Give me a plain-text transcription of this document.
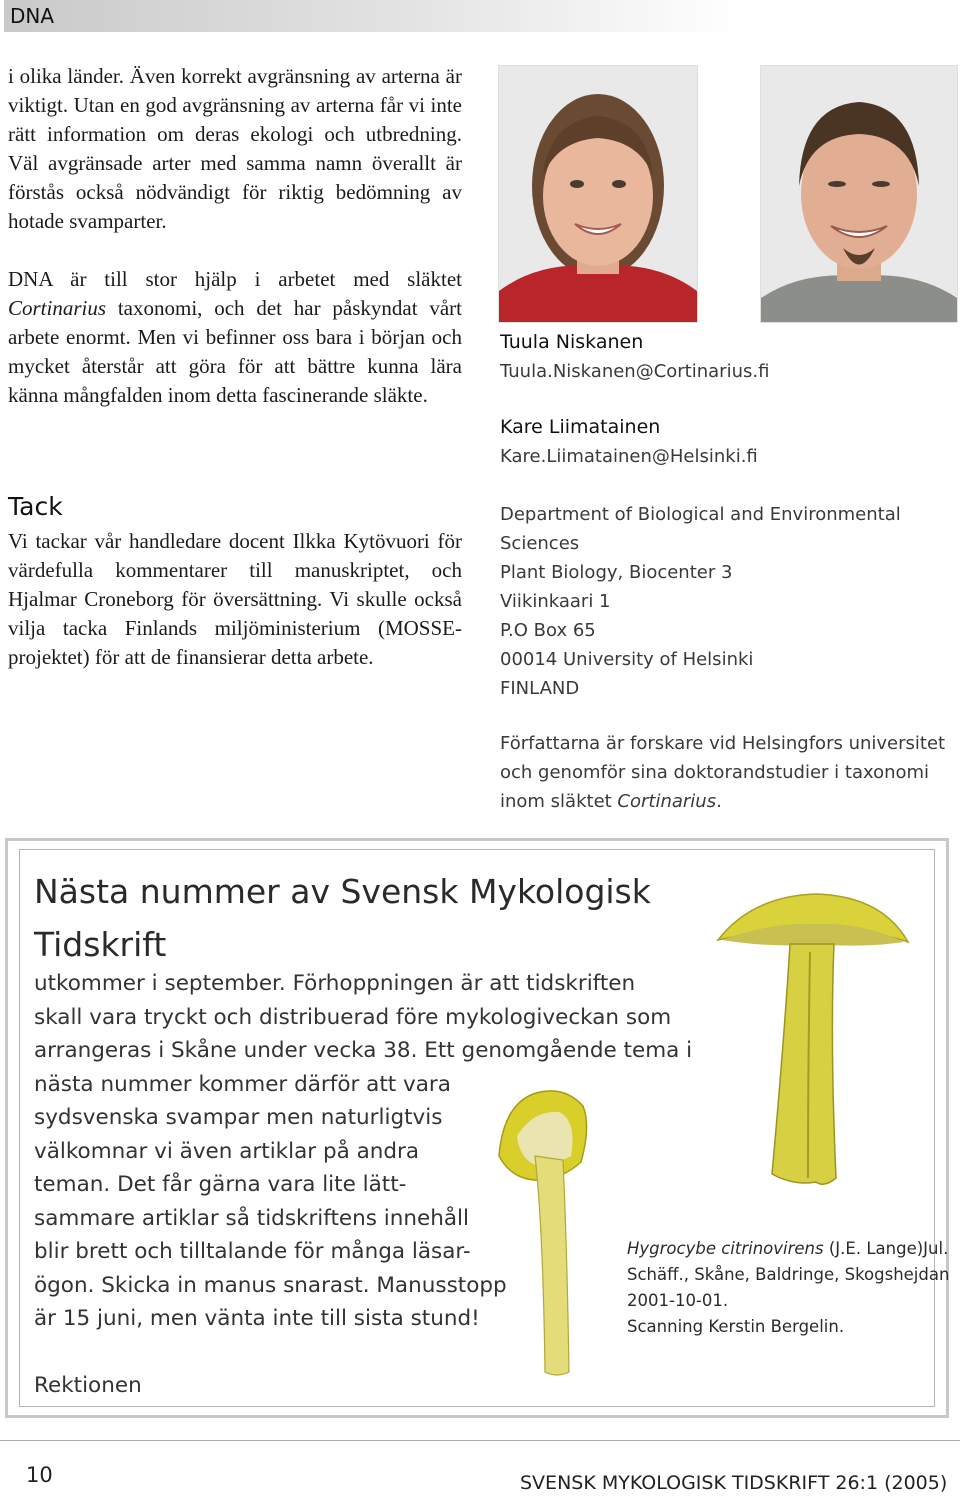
DNA

i olika länder. Även korrekt avgränsning av arterna är viktigt. Utan en god avgränsning av arterna får vi inte rätt information om deras ekologi och utbredning. Väl avgränsade arter med samma namn överallt är förstås också nödvändigt för riktig bedömning av hotade svamparter.

DNA är till stor hjälp i arbetet med släktet Cortinarius taxonomi, och det har påskyndat vårt arbete enormt. Men vi befinner oss bara i början och mycket återstår att göra för att bättre kunna lära känna mångfalden inom detta fascinerande släkte.

Tack
Vi tackar vår handledare docent Ilkka Kytövuori för värdefulla kommentarer till manuskriptet, och Hjalmar Croneborg för översättning. Vi skulle också vilja tacka Finlands miljöministerium (MOSSE-projektet) för att de finansierar detta arbete.
Tuula Niskanen
Tuula.Niskanen@Cortinarius.fi
Kare Liimatainen
Kare.Liimatainen@Helsinki.fi
Department of Biological and Environmental
Sciences
Plant Biology, Biocenter 3
Viikinkaari 1
P.O Box 65
00014 University of Helsinki
FINLAND
Författarna är forskare vid Helsingfors universitet
och genomför sina doktorandstudier i taxonomi
inom släktet Cortinarius.
Nästa nummer av Svensk Mykologisk
Tidskrift
utkommer i september. Förhoppningen är att tidskriften
skall vara tryckt och distribuerad före mykologiveckan som
arrangeras i Skåne under vecka 38. Ett genomgående tema i
nästa nummer kommer därför att vara
sydsvenska svampar men naturligtvis
välkomnar vi även artiklar på andra
teman. Det får gärna vara lite lätt-
sammare artiklar så tidskriftens innehåll
blir brett och tilltalande för många läsar-
ögon. Skicka in manus snarast. Manusstopp
är 15 juni, men vänta inte till sista stund!
Rektionen
Hygrocybe citrinovirens (J.E. Lange)Jul.
Schäff., Skåne, Baldringe, Skogshejdan
2001-10-01.
Scanning Kerstin Bergelin.
10	SVENSK MYKOLOGISK TIDSKRIFT 26:1 (2005)
